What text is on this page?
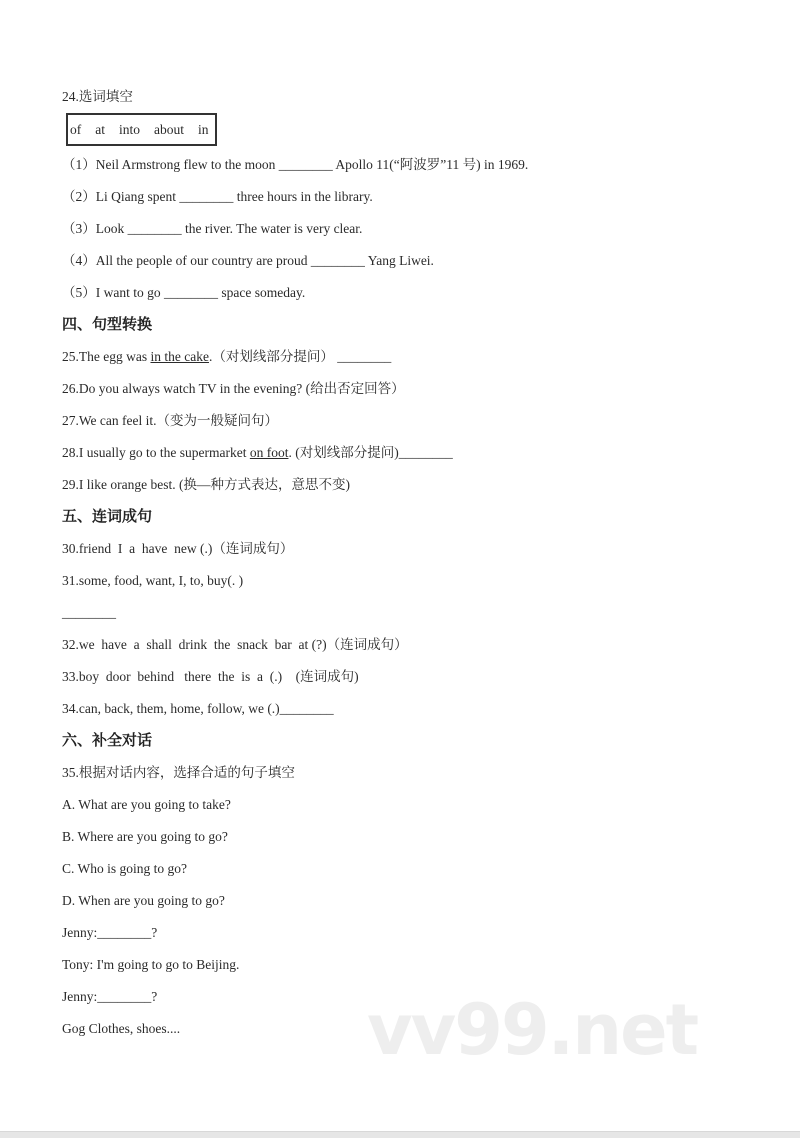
24.选词填空
of at into about in
（1）Neil Armstrong flew to the moon ________ Apollo 11(“阿波罗”11 号) in 1969.
（2）Li Qiang spent ________ three hours in the library.
（3）Look ________ the river. The water is very clear.
（4）All the people of our country are proud ________ Yang Liwei.
（5）I want to go ________ space someday.
四、句型转换
25.The egg was in the cake.（对划线部分提问） ________
26.Do you always watch TV in the evening? (给出否定回答）
27.We can feel it.（变为一般疑问句）
28.I usually go to the supermarket on foot. (对划线部分提问)________
29.I like orange best. (换—种方式表达，意思不变)
五、连词成句
30.friend  I  a  have  new (.)（连词成句）
31.some, food, want, I, to, buy(. )
________
32.we  have  a  shall  drink  the  snack  bar  at (?)（连词成句）
33.boy  door  behind   there  the  is  a  (.)    (连词成句)
34.can, back, them, home, follow, we (.)________
六、补全对话
35.根据对话内容，选择合适的句子填空
A. What are you going to take?
B. Where are you going to go?
C. Who is going to go?
D. When are you going to go?
Jenny:________?
Tony: I'm going to go to Beijing.
Jenny:________?
Gog Clothes, shoes....	vv99.net
